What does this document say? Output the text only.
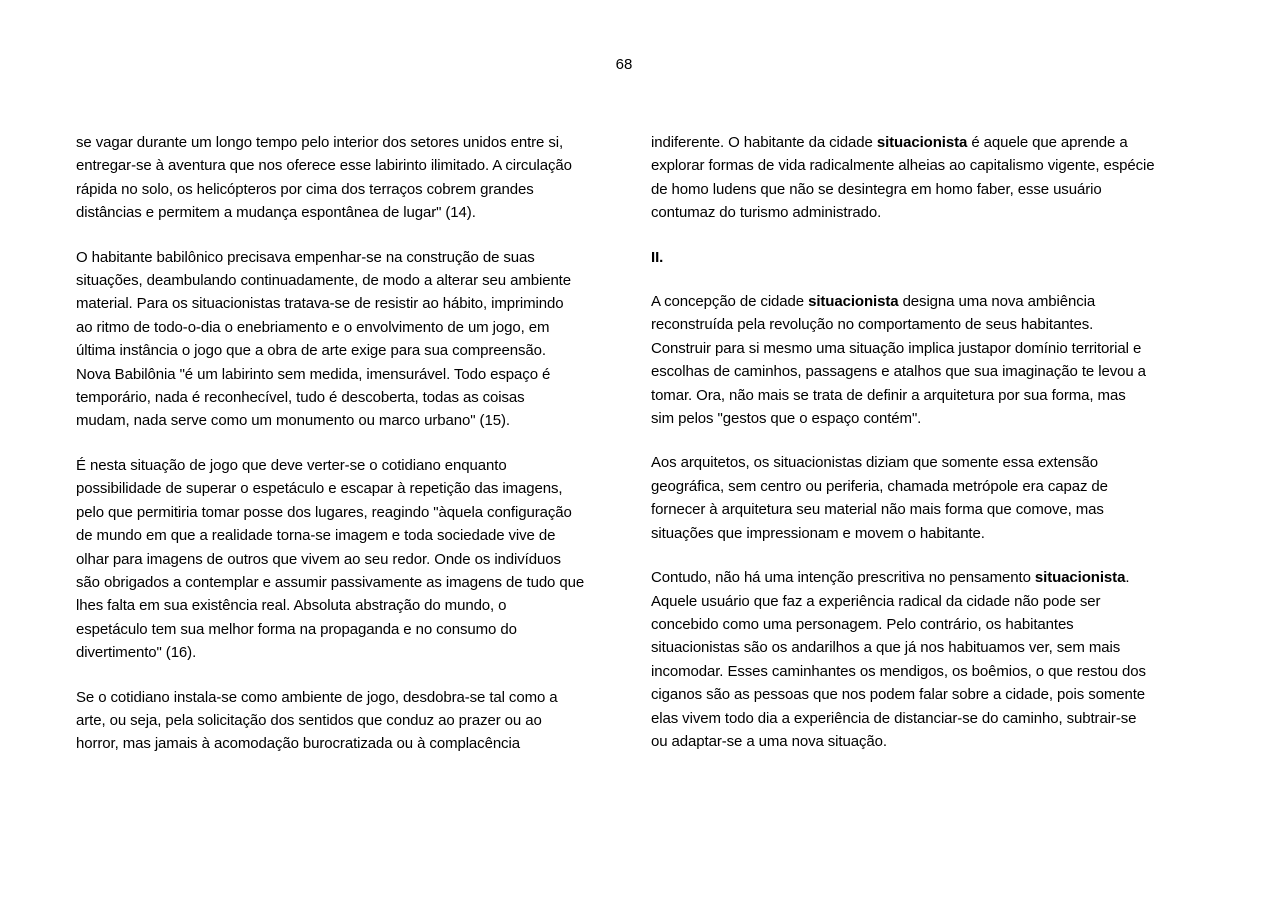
68

se vagar durante um longo tempo pelo interior dos setores unidos entre si,
entregar-se à aventura que nos oferece esse labirinto ilimitado. A circulação
rápida no solo, os helicópteros por cima dos terraços cobrem grandes
distâncias e permitem a mudança espontânea de lugar" (14).

O habitante babilônico precisava empenhar-se na construção de suas
situações, deambulando continuadamente, de modo a alterar seu ambiente
material. Para os situacionistas tratava-se de resistir ao hábito, imprimindo
ao ritmo de todo-o-dia o enebriamento e o envolvimento de um jogo, em
última instância o jogo que a obra de arte exige para sua compreensão.
Nova Babilônia "é um labirinto sem medida, imensurável. Todo espaço é
temporário, nada é reconhecível, tudo é descoberta, todas as coisas
mudam, nada serve como um monumento ou marco urbano" (15).

É nesta situação de jogo que deve verter-se o cotidiano enquanto
possibilidade de superar o espetáculo e escapar à repetição das imagens,
pelo que permitiria tomar posse dos lugares, reagindo "àquela configuração
de mundo em que a realidade torna-se imagem e toda sociedade vive de
olhar para imagens de outros que vivem ao seu redor. Onde os indivíduos
são obrigados a contemplar e assumir passivamente as imagens de tudo que
lhes falta em sua existência real. Absoluta abstração do mundo, o
espetáculo tem sua melhor forma na propaganda e no consumo do
divertimento" (16).

Se o cotidiano instala-se como ambiente de jogo, desdobra-se tal como a
arte, ou seja, pela solicitação dos sentidos que conduz ao prazer ou ao
horror, mas jamais à acomodação burocratizada ou à complacência

indiferente. O habitante da cidade situacionista é aquele que aprende a
explorar formas de vida radicalmente alheias ao capitalismo vigente, espécie
de homo ludens que não se desintegra em homo faber, esse usuário
contumaz do turismo administrado.

II.

A concepção de cidade situacionista designa uma nova ambiência
reconstruída pela revolução no comportamento de seus habitantes.
Construir para si mesmo uma situação implica justapor domínio territorial e
escolhas de caminhos, passagens e atalhos que sua imaginação te levou a
tomar. Ora, não mais se trata de definir a arquitetura por sua forma, mas
sim pelos "gestos que o espaço contém".

Aos arquitetos, os situacionistas diziam que somente essa extensão
geográfica, sem centro ou periferia, chamada metrópole era capaz de
fornecer à arquitetura seu material não mais forma que comove, mas
situações que impressionam e movem o habitante.

Contudo, não há uma intenção prescritiva no pensamento situacionista.
Aquele usuário que faz a experiência radical da cidade não pode ser
concebido como uma personagem. Pelo contrário, os habitantes
situacionistas são os andarilhos a que já nos habituamos ver, sem mais
incomodar. Esses caminhantes os mendigos, os boêmios, o que restou dos
ciganos são as pessoas que nos podem falar sobre a cidade, pois somente
elas vivem todo dia a experiência de distanciar-se do caminho, subtrair-se
ou adaptar-se a uma nova situação.
